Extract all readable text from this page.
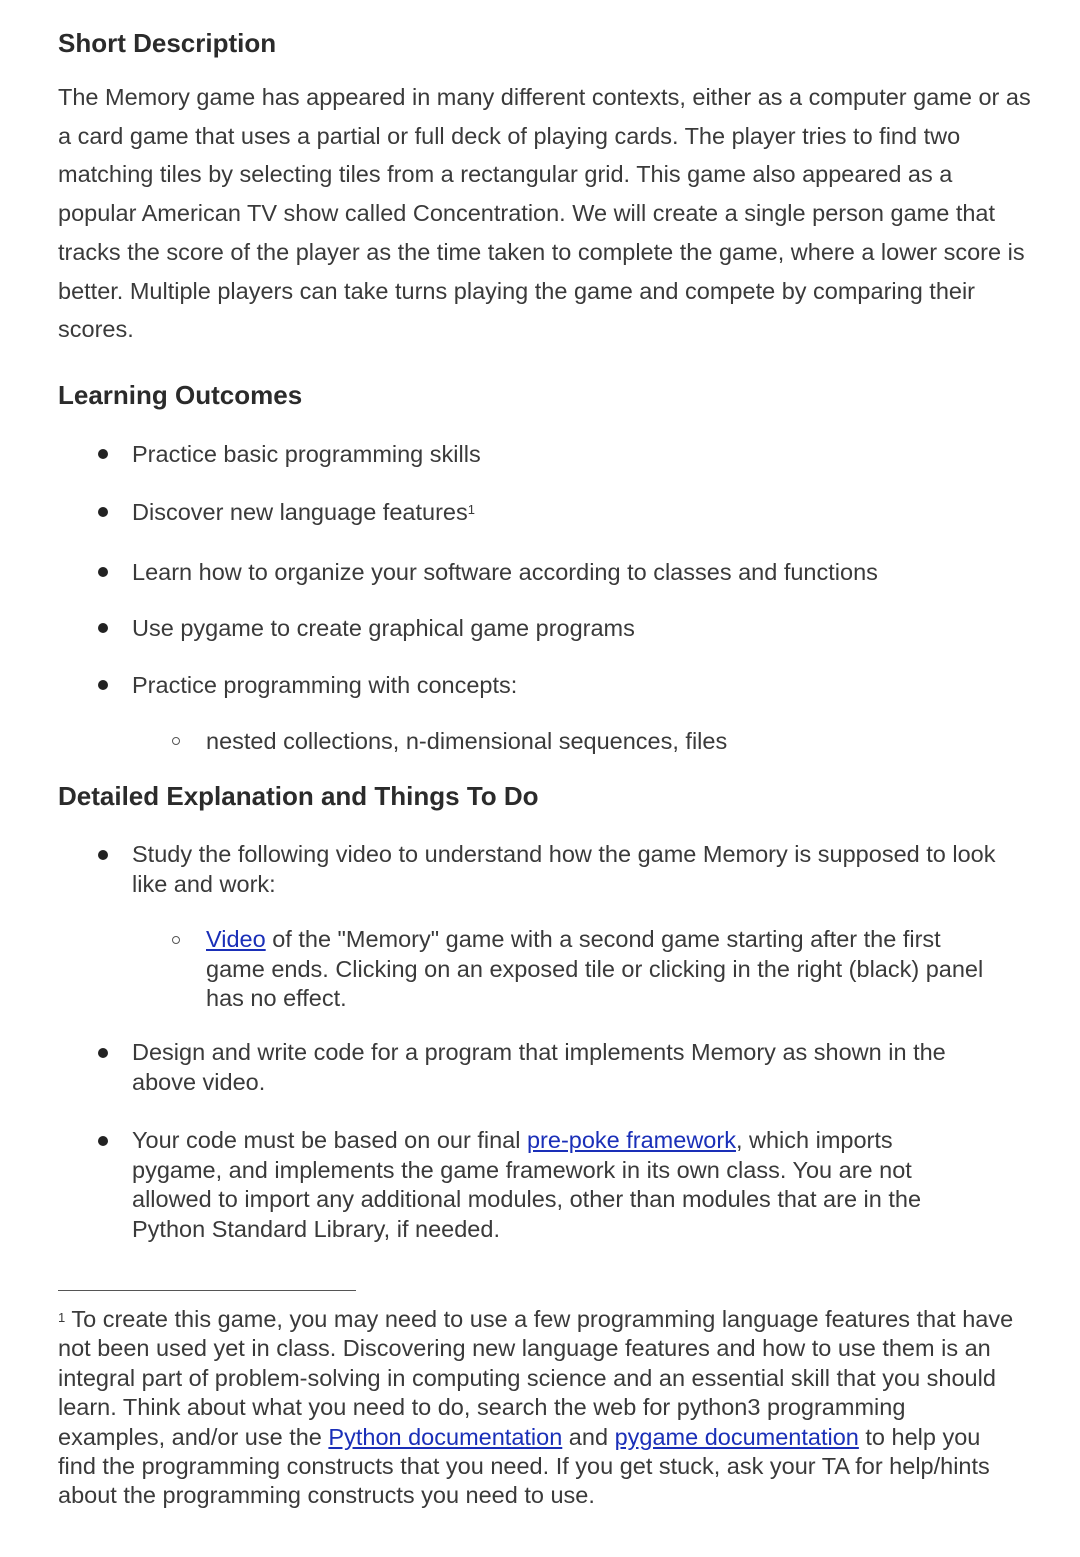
Short Description

The Memory game has appeared in many different contexts, either as a computer game or as a card game that uses a partial or full deck of playing cards. The player tries to find two matching tiles by selecting tiles from a rectangular grid. This game also appeared as a popular American TV show called Concentration. We will create a single person game that tracks the score of the player as the time taken to complete the game, where a lower score is better. Multiple players can take turns playing the game and compete by comparing their scores.

Learning Outcomes

Practice basic programming skills

Discover new language features$^1$

Learn how to organize your software according to classes and functions

Use pygame to create graphical game programs

Practice programming with concepts:

nested collections, n-dimensional sequences, files

Detailed Explanation and Things To Do

Study the following video to understand how the game Memory is supposed to look like and work:

Video of the "Memory" game with a second game starting after the first game ends. Clicking on an exposed tile or clicking in the right (black) panel has no effect.

Design and write code for a program that implements Memory as shown in the above video.

Your code must be based on our final pre-poke framework, which imports pygame, and implements the game framework in its own class. You are not allowed to import any additional modules, other than modules that are in the Python Standard Library, if needed.

$^1$ To create this game, you may need to use a few programming language features that have not been used yet in class. Discovering new language features and how to use them is an integral part of problem-solving in computing science and an essential skill that you should learn. Think about what you need to do, search the web for python3 programming examples, and/or use the Python documentation and pygame documentation to help you find the programming constructs that you need. If you get stuck, ask your TA for help/hints about the programming constructs you need to use.
